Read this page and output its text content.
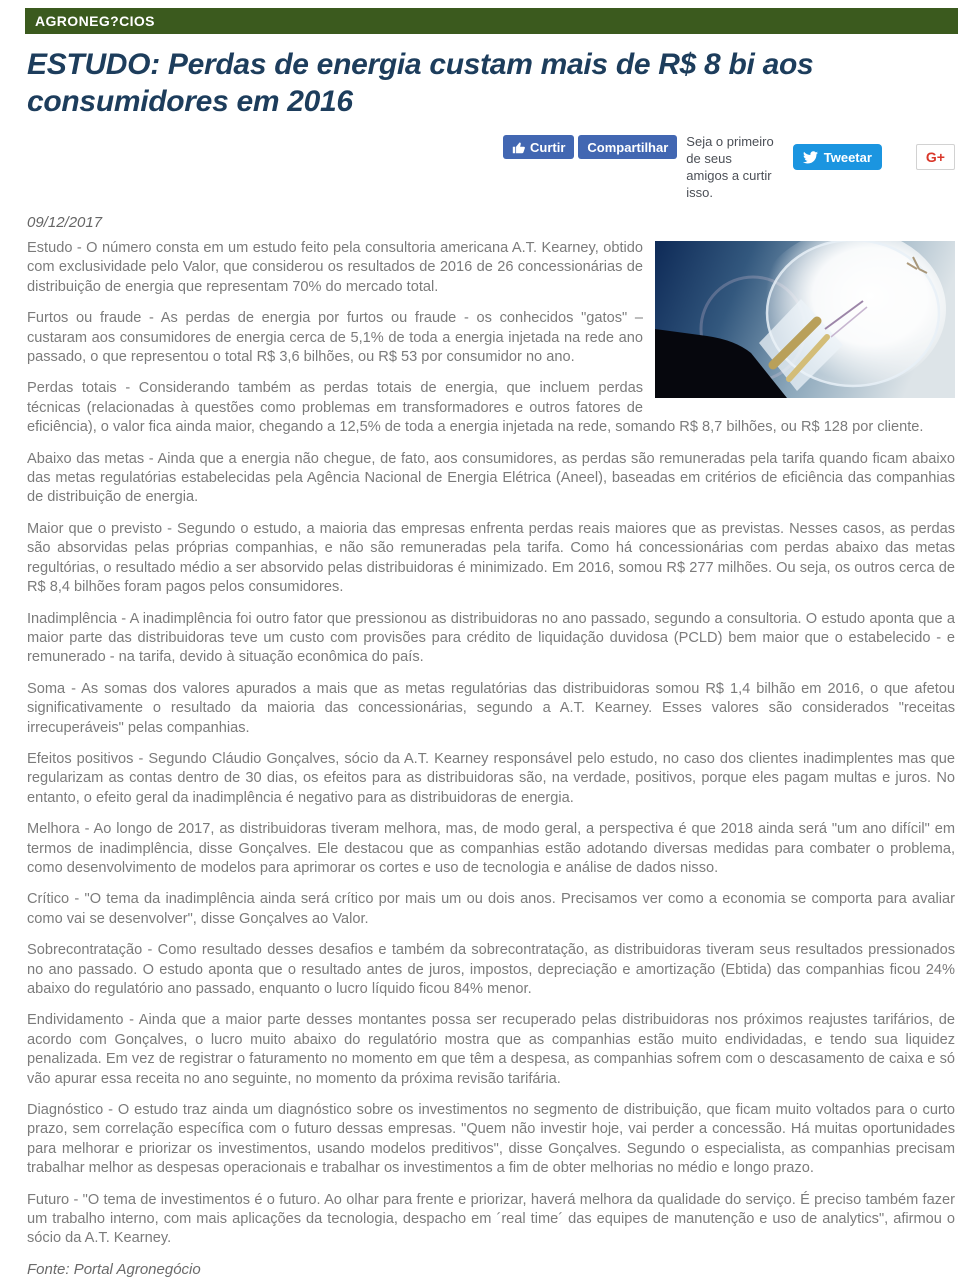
AGRONEG?CIOS
ESTUDO: Perdas de energia custam mais de R$ 8 bi aos consumidores em 2016
Curtir Compartilhar Seja o primeiro de seus amigos a curtir isso.
Tweetar	G+
09/12/2017

Estudo - O número consta em um estudo feito pela consultoria americana A.T. Kearney, obtido com exclusividade pelo Valor, que considerou os resultados de 2016 de 26 concessionárias de distribuição de energia que representam 70% do mercado total.

Furtos ou fraude - As perdas de energia por furtos ou fraude - os conhecidos "gatos" – custaram aos consumidores de energia cerca de 5,1% de toda a energia injetada na rede ano passado, o que representou o total R$ 3,6 bilhões, ou R$ 53 por consumidor no ano.

Perdas totais - Considerando também as perdas totais de energia, que incluem perdas técnicas (relacionadas à questões como problemas em transformadores e outros fatores de eficiência), o valor fica ainda maior, chegando a 12,5% de toda a energia injetada na rede, somando R$ 8,7 bilhões, ou R$ 128 por cliente.

Abaixo das metas - Ainda que a energia não chegue, de fato, aos consumidores, as perdas são remuneradas pela tarifa quando ficam abaixo das metas regulatórias estabelecidas pela Agência Nacional de Energia Elétrica (Aneel), baseadas em critérios de eficiência das companhias de distribuição de energia.

Maior que o previsto - Segundo o estudo, a maioria das empresas enfrenta perdas reais maiores que as previstas. Nesses casos, as perdas são absorvidas pelas próprias companhias, e não são remuneradas pela tarifa. Como há concessionárias com perdas abaixo das metas regultórias, o resultado médio a ser absorvido pelas distribuidoras é minimizado. Em 2016, somou R$ 277 milhões. Ou seja, os outros cerca de R$ 8,4 bilhões foram pagos pelos consumidores.

Inadimplência - A inadimplência foi outro fator que pressionou as distribuidoras no ano passado, segundo a consultoria. O estudo aponta que a maior parte das distribuidoras teve um custo com provisões para crédito de liquidação duvidosa (PCLD) bem maior que o estabelecido - e remunerado - na tarifa, devido à situação econômica do país.

Soma - As somas dos valores apurados a mais que as metas regulatórias das distribuidoras somou R$ 1,4 bilhão em 2016, o que afetou significativamente o resultado da maioria das concessionárias, segundo a A.T. Kearney. Esses valores são considerados "receitas irrecuperáveis" pelas companhias.

Efeitos positivos - Segundo Cláudio Gonçalves, sócio da A.T. Kearney responsável pelo estudo, no caso dos clientes inadimplentes mas que regularizam as contas dentro de 30 dias, os efeitos para as distribuidoras são, na verdade, positivos, porque eles pagam multas e juros. No entanto, o efeito geral da inadimplência é negativo para as distribuidoras de energia.

Melhora - Ao longo de 2017, as distribuidoras tiveram melhora, mas, de modo geral, a perspectiva é que 2018 ainda será "um ano difícil" em termos de inadimplência, disse Gonçalves. Ele destacou que as companhias estão adotando diversas medidas para combater o problema, como desenvolvimento de modelos para aprimorar os cortes e uso de tecnologia e análise de dados nisso.

Crítico - "O tema da inadimplência ainda será crítico por mais um ou dois anos. Precisamos ver como a economia se comporta para avaliar como vai se desenvolver", disse Gonçalves ao Valor.

Sobrecontratação - Como resultado desses desafios e também da sobrecontratação, as distribuidoras tiveram seus resultados pressionados no ano passado. O estudo aponta que o resultado antes de juros, impostos, depreciação e amortização (Ebtida) das companhias ficou 24% abaixo do regulatório ano passado, enquanto o lucro líquido ficou 84% menor.

Endividamento - Ainda que a maior parte desses montantes possa ser recuperado pelas distribuidoras nos próximos reajustes tarifários, de acordo com Gonçalves, o lucro muito abaixo do regulatório mostra que as companhias estão muito endividadas, e tendo sua liquidez penalizada. Em vez de registrar o faturamento no momento em que têm a despesa, as companhias sofrem com o descasamento de caixa e só vão apurar essa receita no ano seguinte, no momento da próxima revisão tarifária.

Diagnóstico - O estudo traz ainda um diagnóstico sobre os investimentos no segmento de distribuição, que ficam muito voltados para o curto prazo, sem correlação específica com o futuro dessas empresas. "Quem não investir hoje, vai perder a concessão. Há muitas oportunidades para melhorar e priorizar os investimentos, usando modelos preditivos", disse Gonçalves. Segundo o especialista, as companhias precisam trabalhar melhor as despesas operacionais e trabalhar os investimentos a fim de obter melhorias no médio e longo prazo.

Futuro - "O tema de investimentos é o futuro. Ao olhar para frente e priorizar, haverá melhora da qualidade do serviço. É preciso também fazer um trabalho interno, com mais aplicações da tecnologia, despacho em ´real time´ das equipes de manutenção e uso de analytics", afirmou o sócio da A.T. Kearney.

Fonte: Portal Agronegócio
